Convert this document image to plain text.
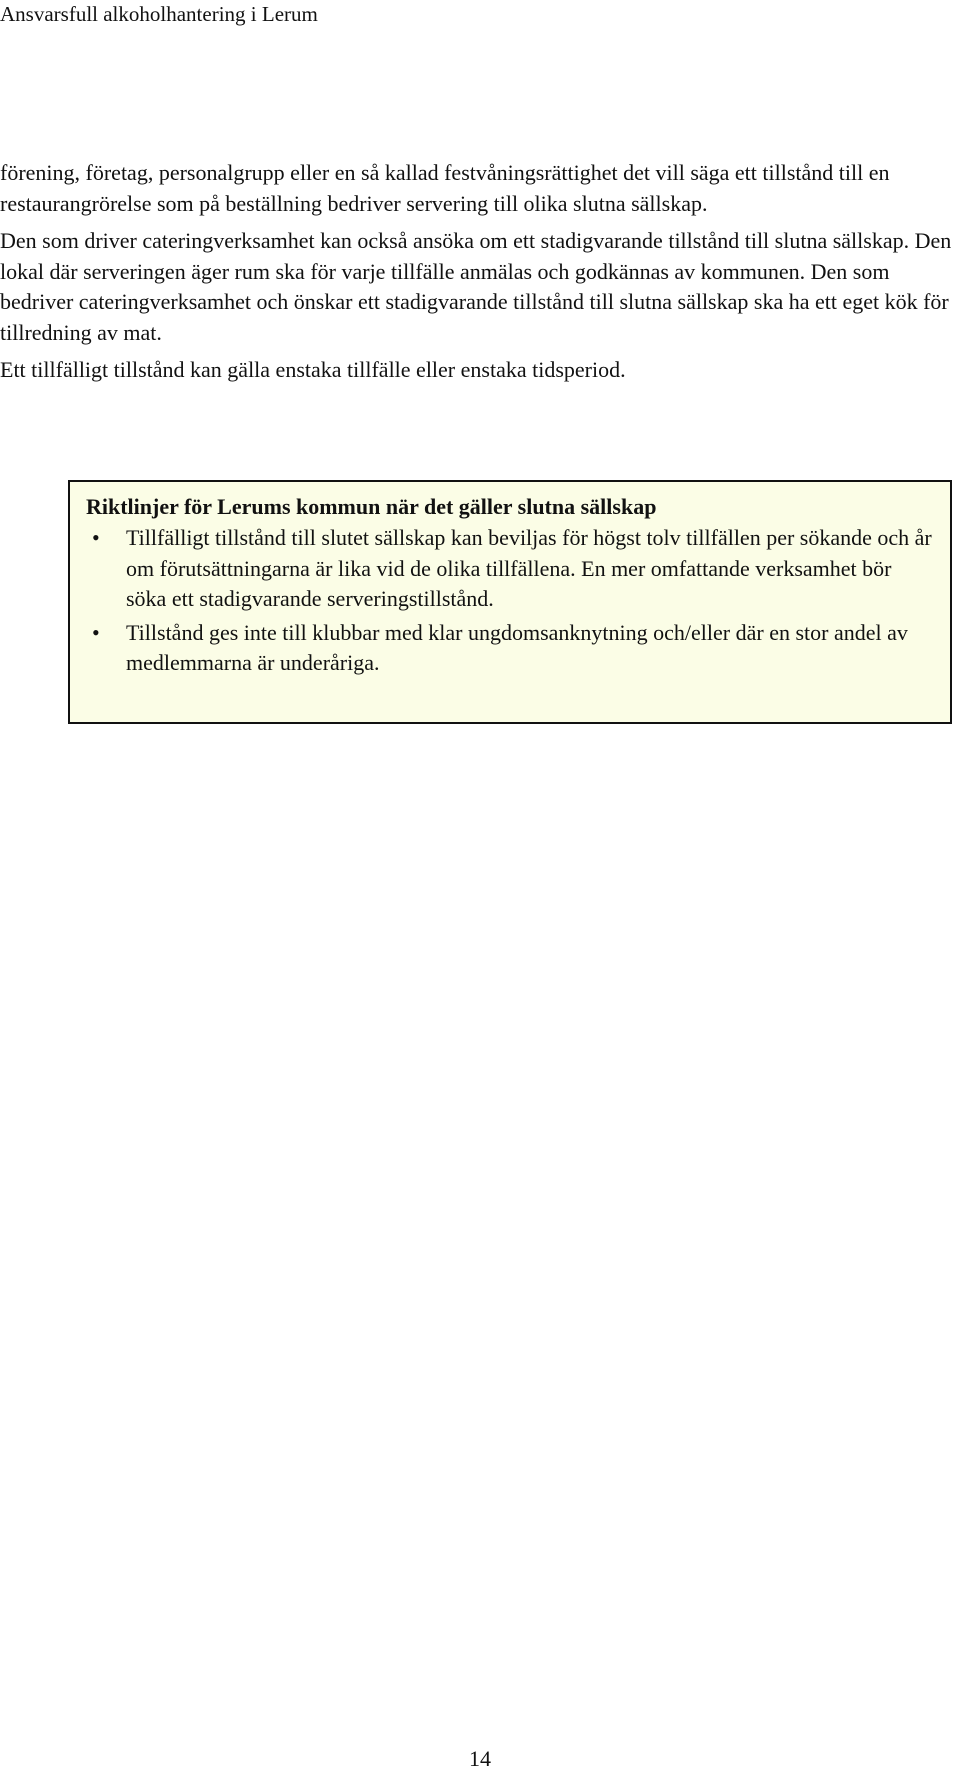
Ansvarsfull alkoholhantering i Lerum

förening, företag, personalgrupp eller en så kallad festvåningsrättighet det vill säga ett tillstånd till en restaurangrörelse som på beställning bedriver servering till olika slutna sällskap.

Den som driver cateringverksamhet kan också ansöka om ett stadigvarande tillstånd till slutna sällskap. Den lokal där serveringen äger rum ska för varje tillfälle anmälas och godkännas av kommunen. Den som bedriver cateringverksamhet och önskar ett stadigvarande tillstånd till slutna sällskap ska ha ett eget kök för tillredning av mat.

Ett tillfälligt tillstånd kan gälla enstaka tillfälle eller enstaka tidsperiod.

Riktlinjer för Lerums kommun när det gäller slutna sällskap
• Tillfälligt tillstånd till slutet sällskap kan beviljas för högst tolv tillfällen per sökande och år om förutsättningarna är lika vid de olika tillfällena. En mer omfattande verksamhet bör söka ett stadigvarande serveringstillstånd.
• Tillstånd ges inte till klubbar med klar ungdomsanknytning och/eller där en stor andel av medlemmarna är underåriga.
14
